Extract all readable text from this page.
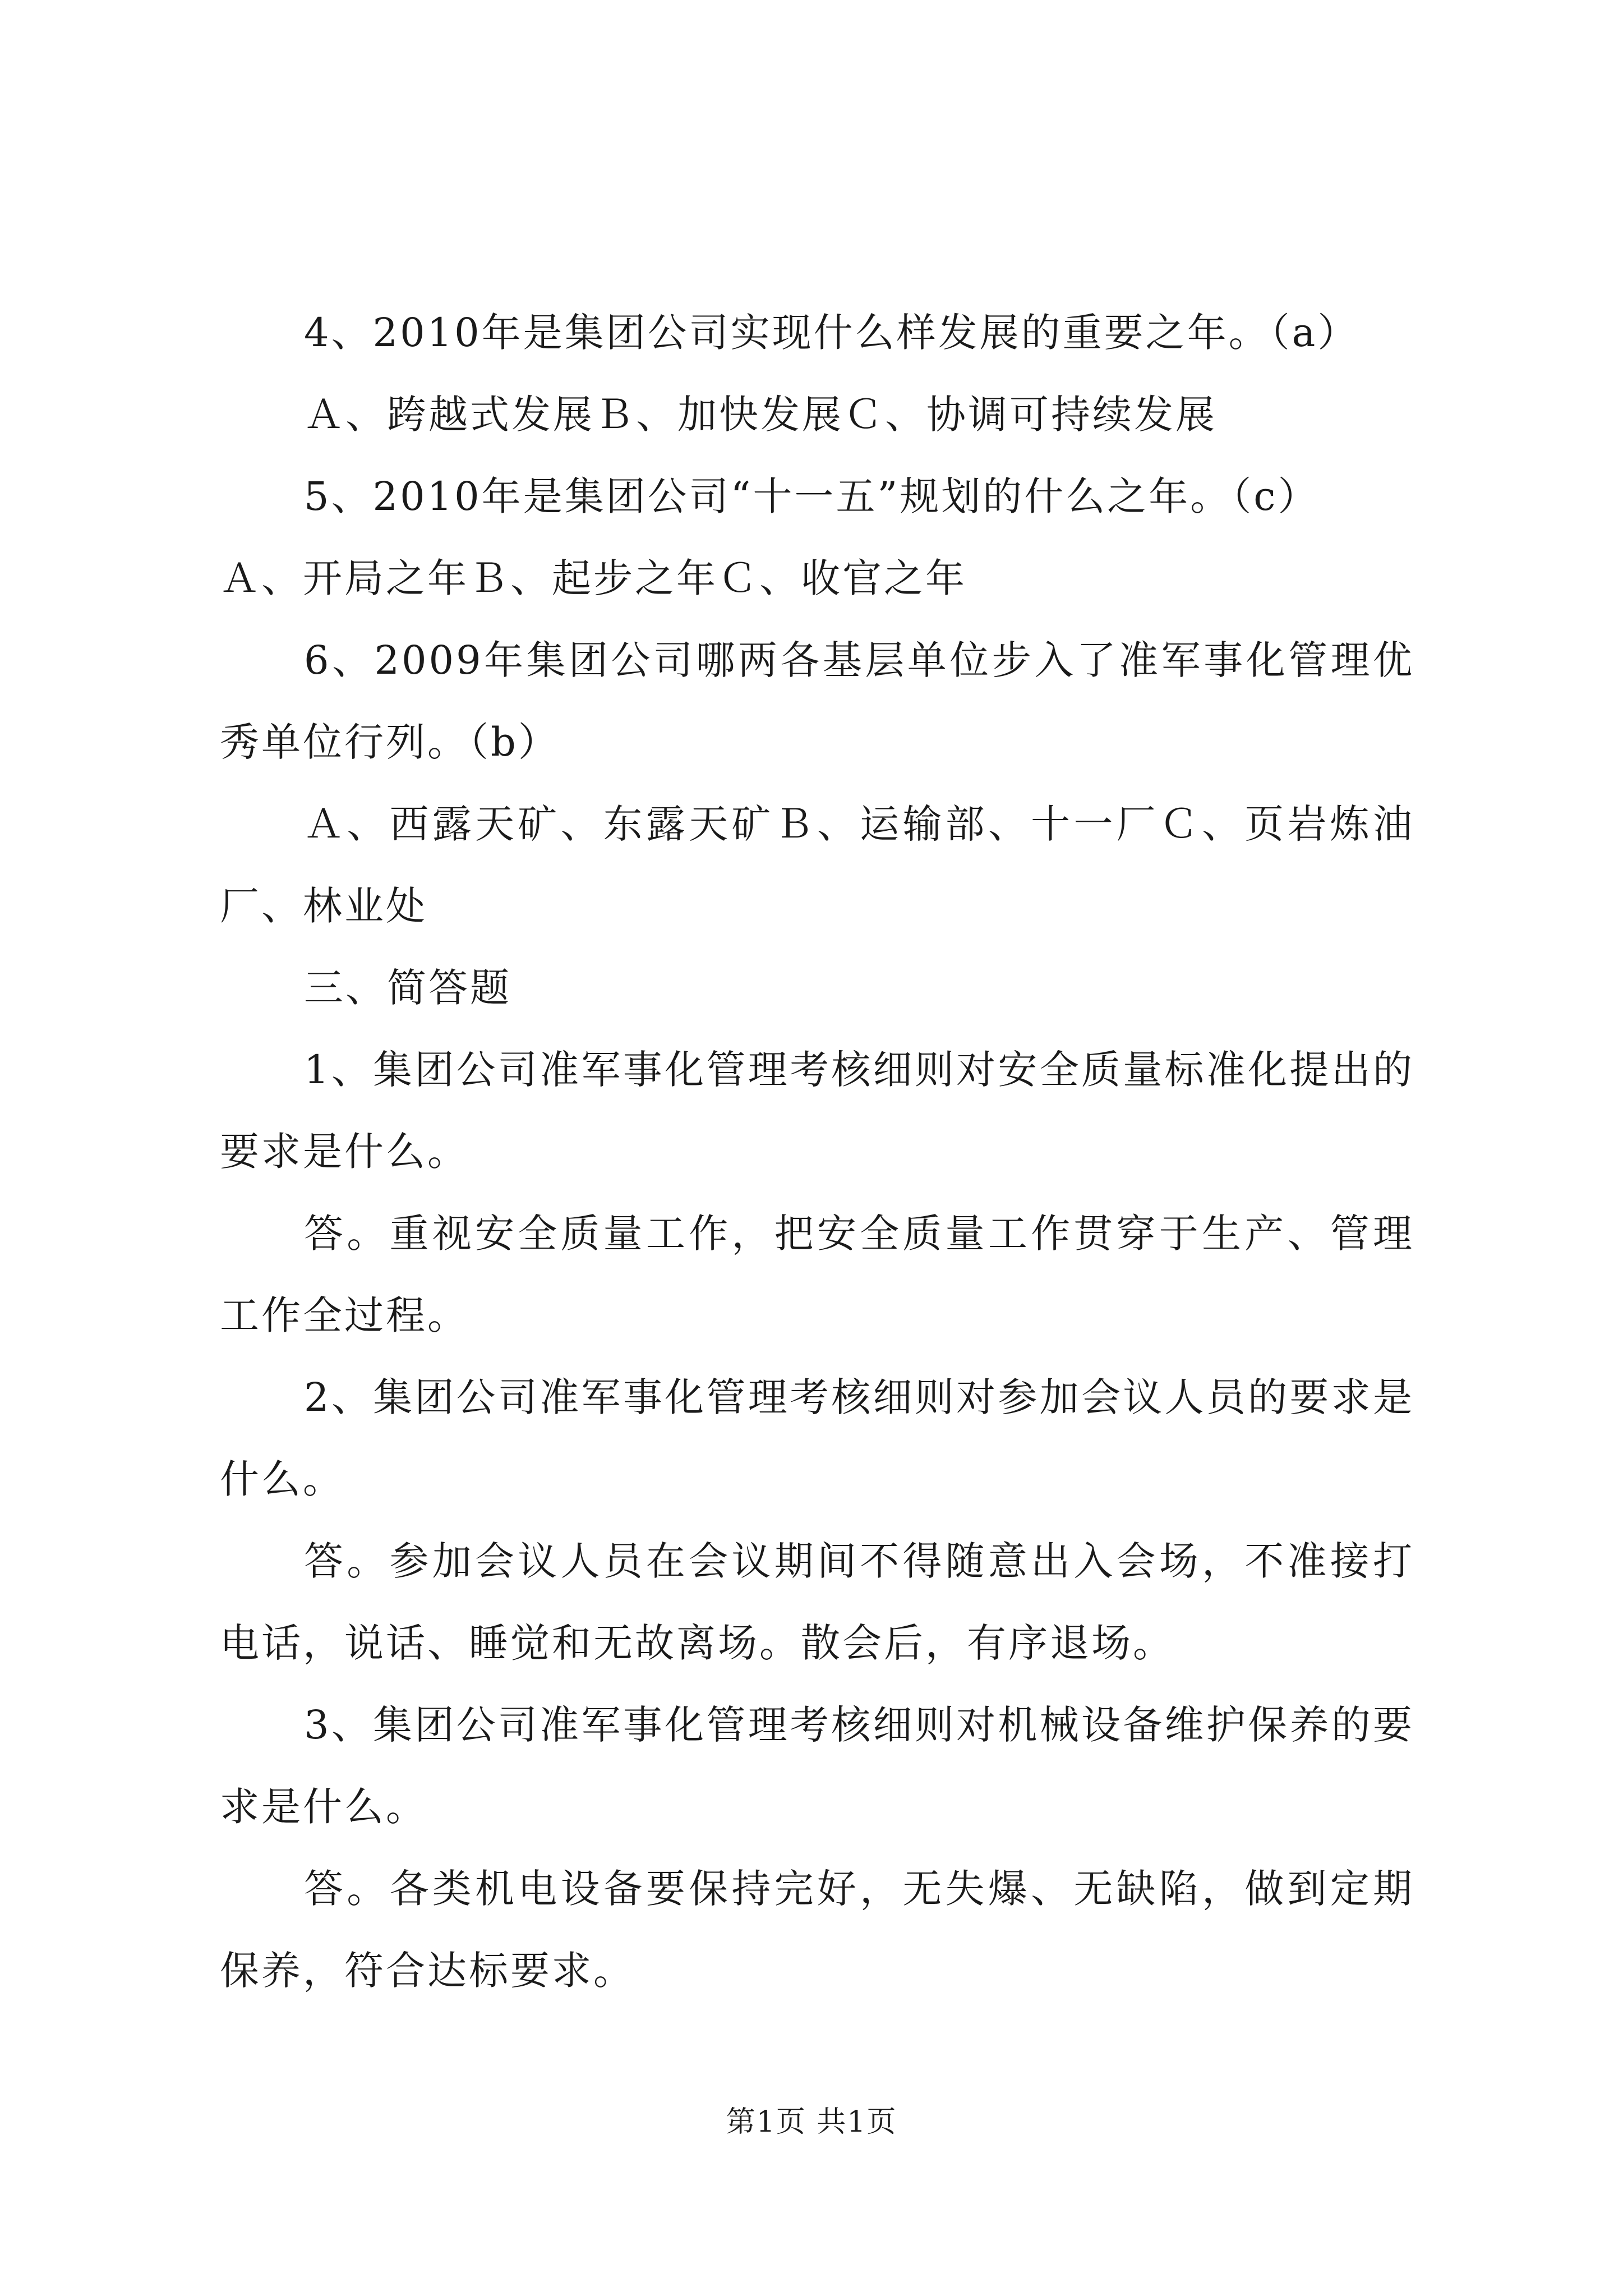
4、2010年是集团公司实现什么样发展的重要之年。（a）

Ａ、跨越式发展Ｂ、加快发展Ｃ、协调可持续发展

5、2010年是集团公司“十一五”规划的什么之年。（c）

Ａ、开局之年Ｂ、起步之年Ｃ、收官之年

6、2009年集团公司哪两各基层单位步入了准军事化管理优秀单位行列。（b）

Ａ、西露天矿、东露天矿Ｂ、运输部、十一厂Ｃ、页岩炼油厂、林业处

三、简答题

1、集团公司准军事化管理考核细则对安全质量标准化提出的要求是什么。

答。重视安全质量工作，把安全质量工作贯穿于生产、管理工作全过程。

2、集团公司准军事化管理考核细则对参加会议人员的要求是什么。

答。参加会议人员在会议期间不得随意出入会场，不准接打电话，说话、睡觉和无故离场。散会后，有序退场。

3、集团公司准军事化管理考核细则对机械设备维护保养的要求是什么。

答。各类机电设备要保持完好，无失爆、无缺陷，做到定期保养，符合达标要求。

第1页 共1页
